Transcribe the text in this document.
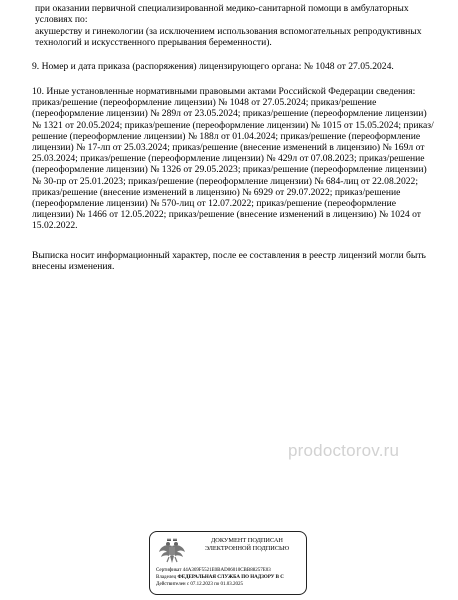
при оказании первичной специализированной медико-санитарной помощи в амбулаторных условиях по:
акушерству и гинекологии (за исключением использования вспомогательных репродуктивных технологий и искусственного прерывания беременности).
9. Номер и дата приказа (распоряжения) лицензирующего органа: № 1048 от 27.05.2024.
10. Иные установленные нормативными правовыми актами Российской Федерации сведения: приказ/решение (переоформление лицензии) № 1048 от 27.05.2024; приказ/решение (переоформление лицензии) № 289л от 23.05.2024; приказ/решение (переоформление лицензии) № 1321 от 20.05.2024; приказ/решение (переоформление лицензии) № 1015 от 15.05.2024; приказ/решение (переоформление лицензии) № 188л от 01.04.2024; приказ/решение (переоформление лицензии) № 17-лп от 25.03.2024; приказ/решение (внесение изменений в лицензию) № 169л от 25.03.2024; приказ/решение (переоформление лицензии) № 429л от 07.08.2023; приказ/решение (переоформление лицензии) № 1326 от 29.05.2023; приказ/решение (переоформление лицензии) № 30-пр от 25.01.2023; приказ/решение (переоформление лицензии) № 684-лиц от 22.08.2022; приказ/решение (внесение изменений в лицензию) № 6929 от 29.07.2022; приказ/решение (переоформление лицензии) № 570-лиц от 12.07.2022; приказ/решение (переоформление лицензии) № 1466 от 12.05.2022; приказ/решение (внесение изменений в лицензию) № 1024 от 15.02.2022.
Выписка носит информационный характер, после ее составления в реестр лицензий могли быть внесены изменения.
prodoctorov.ru
ДОКУМЕНТ ПОДПИСАН
ЭЛЕКТРОННОЙ ПОДПИСЬЮ
Сертификат 44A369F5521E0BAD06010CBB88257E03
Владелец ФЕДЕРАЛЬНАЯ СЛУЖБА ПО НАДЗОРУ В С
Действителен с 07.12.2023 по 01.03.2025
